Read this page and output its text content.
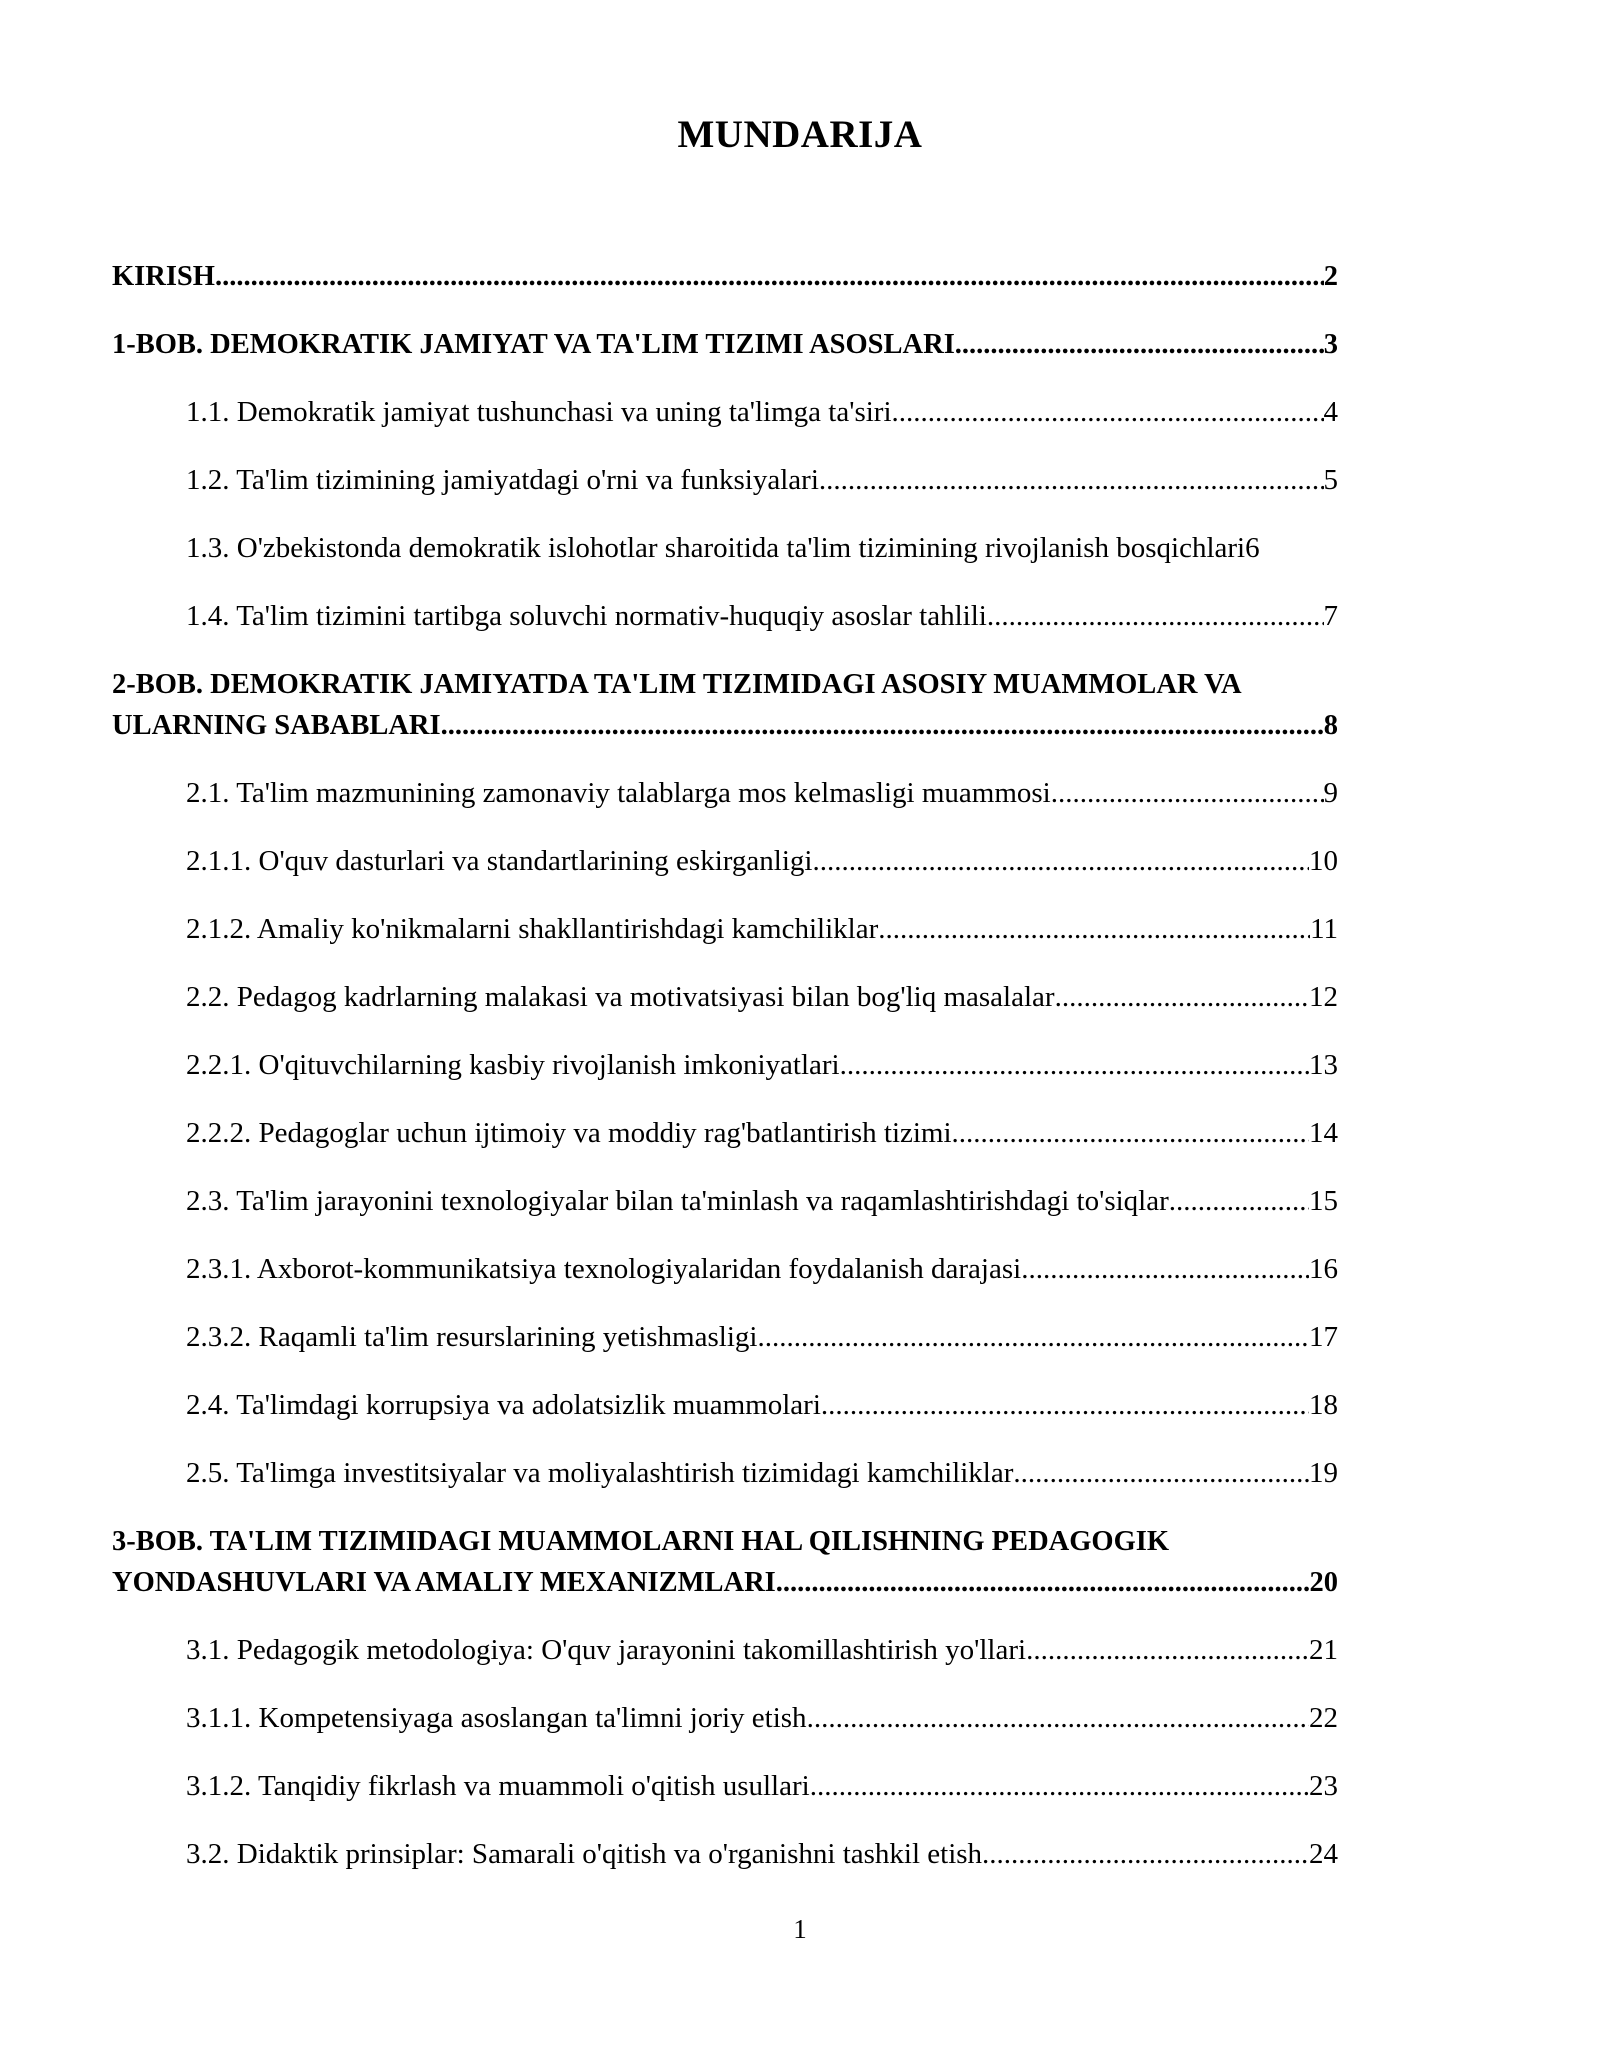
MUNDARIJA
KIRISH .....	2
1-BOB. DEMOKRATIK JAMIYAT VA TA'LIM TIZIMI ASOSLARI .....	3
1.1. Demokratik jamiyat tushunchasi va uning ta'limga ta'siri .....	4
1.2. Ta'lim tizimining jamiyatdagi o'rni va funksiyalari .....	5
1.3. O'zbekistonda demokratik islohotlar sharoitida ta'lim tizimining rivojlanish bosqichlari 6
1.4. Ta'lim tizimini tartibga soluvchi normativ-huquqiy asoslar tahlili .....	7
2-BOB. DEMOKRATIK JAMIYATDA TA'LIM TIZIMIDAGI ASOSIY MUAMMOLAR VA
ULARNING SABABLARI .....	8
2.1. Ta'lim mazmunining zamonaviy talablarga mos kelmasligi muammosi .....	9
2.1.1. O'quv dasturlari va standartlarining eskirganligi .....	10
2.1.2. Amaliy ko'nikmalarni shakllantirishdagi kamchiliklar .....	11
2.2. Pedagog kadrlarning malakasi va motivatsiyasi bilan bog'liq masalalar .....	12
2.2.1. O'qituvchilarning kasbiy rivojlanish imkoniyatlari .....	13
2.2.2. Pedagoglar uchun ijtimoiy va moddiy rag'batlantirish tizimi .....	14
2.3. Ta'lim jarayonini texnologiyalar bilan ta'minlash va raqamlashtirishdagi to'siqlar .....	15
2.3.1. Axborot-kommunikatsiya texnologiyalaridan foydalanish darajasi .....	16
2.3.2. Raqamli ta'lim resurslarining yetishmasligi .....	17
2.4. Ta'limdagi korrupsiya va adolatsizlik muammolari .....	18
2.5. Ta'limga investitsiyalar va moliyalashtirish tizimidagi kamchiliklar .....	19
3-BOB. TA'LIM TIZIMIDAGI MUAMMOLARNI HAL QILISHNING PEDAGOGIK
YONDASHUVLARI VA AMALIY MEXANIZMLARI .....	20
3.1. Pedagogik metodologiya: O'quv jarayonini takomillashtirish yo'llari .....	21
3.1.1. Kompetensiyaga asoslangan ta'limni joriy etish .....	22
3.1.2. Tanqidiy fikrlash va muammoli o'qitish usullari .....	23
3.2. Didaktik prinsiplar: Samarali o'qitish va o'rganishni tashkil etish .....	24
1
